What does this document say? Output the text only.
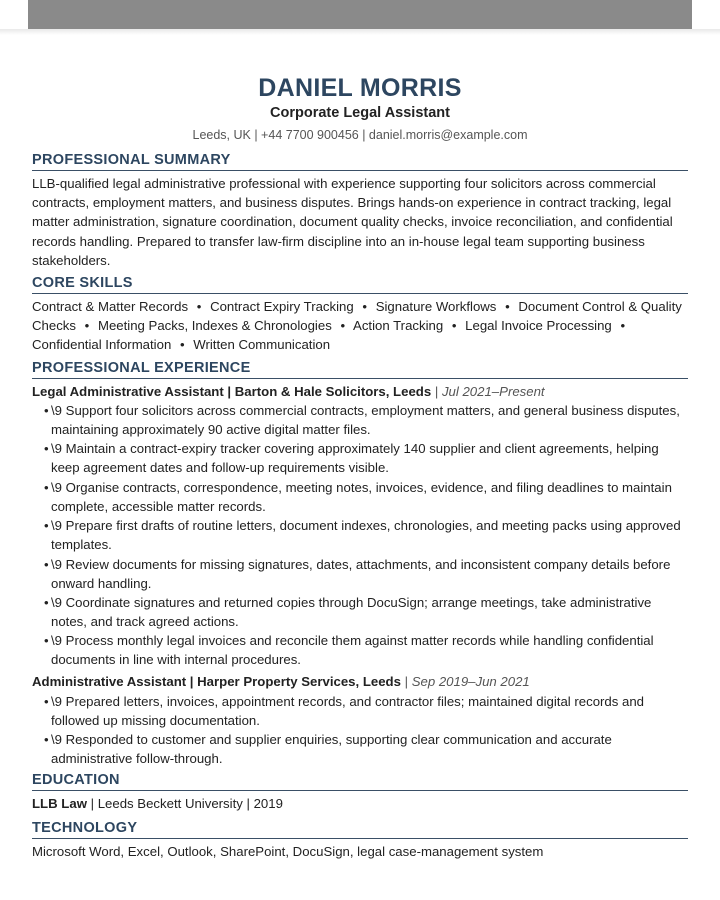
DANIEL MORRIS
Corporate Legal Assistant
Leeds, UK | +44 7700 900456 | daniel.morris@example.com
PROFESSIONAL SUMMARY
LLB-qualified legal administrative professional with experience supporting four solicitors across commercial contracts, employment matters, and business disputes. Brings hands-on experience in contract tracking, legal matter administration, signature coordination, document quality checks, invoice reconciliation, and confidential records handling. Prepared to transfer law-firm discipline into an in-house legal team supporting business stakeholders.
CORE SKILLS
Contract & Matter Records • Contract Expiry Tracking • Signature Workflows • Document Control & Quality Checks • Meeting Packs, Indexes & Chronologies • Action Tracking • Legal Invoice Processing • Confidential Information • Written Communication
PROFESSIONAL EXPERIENCE
Legal Administrative Assistant | Barton & Hale Solicitors, Leeds | Jul 2021–Present
• \9 Support four solicitors across commercial contracts, employment matters, and general business disputes, maintaining approximately 90 active digital matter files.
• \9 Maintain a contract-expiry tracker covering approximately 140 supplier and client agreements, helping keep agreement dates and follow-up requirements visible.
• \9 Organise contracts, correspondence, meeting notes, invoices, evidence, and filing deadlines to maintain complete, accessible matter records.
• \9 Prepare first drafts of routine letters, document indexes, chronologies, and meeting packs using approved templates.
• \9 Review documents for missing signatures, dates, attachments, and inconsistent company details before onward handling.
• \9 Coordinate signatures and returned copies through DocuSign; arrange meetings, take administrative notes, and track agreed actions.
• \9 Process monthly legal invoices and reconcile them against matter records while handling confidential documents in line with internal procedures.
Administrative Assistant | Harper Property Services, Leeds | Sep 2019–Jun 2021
• \9 Prepared letters, invoices, appointment records, and contractor files; maintained digital records and followed up missing documentation.
• \9 Responded to customer and supplier enquiries, supporting clear communication and accurate administrative follow-through.
EDUCATION
LLB Law | Leeds Beckett University | 2019
TECHNOLOGY
Microsoft Word, Excel, Outlook, SharePoint, DocuSign, legal case-management system
